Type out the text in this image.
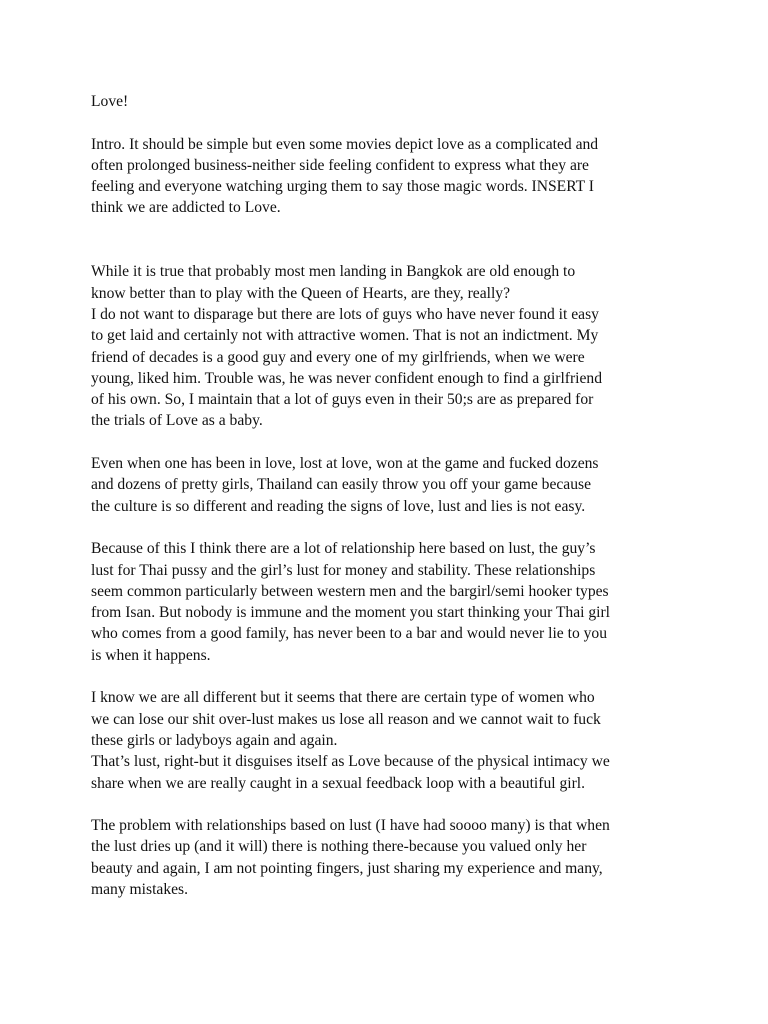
Love!
Intro. It should be simple but even some movies depict love as a complicated and
often prolonged business-neither side feeling confident to express what they are
feeling and everyone watching urging them to say those magic words. INSERT I
think we are addicted to Love.
While it is true that probably most men landing in Bangkok are old enough to
know better than to play with the Queen of Hearts, are they, really?
I do not want to disparage but there are lots of guys who have never found it easy
to get laid and certainly not with attractive women. That is not an indictment. My
friend of decades is a good guy and every one of my girlfriends, when we were
young, liked him. Trouble was, he was never confident enough to find a girlfriend
of his own. So, I maintain that a lot of guys even in their 50;s are as prepared for
the trials of Love as a baby.
Even when one has been in love, lost at love, won at the game and fucked dozens
and dozens of pretty girls, Thailand can easily throw you off your game because
the culture is so different and reading the signs of love, lust and lies is not easy.
Because of this I think there are a lot of relationship here based on lust, the guy’s
lust for Thai pussy and the girl’s lust for money and stability. These relationships
seem common particularly between western men and the bargirl/semi hooker types
from Isan. But nobody is immune and the moment you start thinking your Thai girl
who comes from a good family, has never been to a bar and would never lie to you
is when it happens.
I know we are all different but it seems that there are certain type of women who
we can lose our shit over-lust makes us lose all reason and we cannot wait to fuck
these girls or ladyboys again and again.
That’s lust, right-but it disguises itself as Love because of the physical intimacy we
share when we are really caught in a sexual feedback loop with a beautiful girl.
The problem with relationships based on lust (I have had soooo many) is that when
the lust dries up (and it will) there is nothing there-because you valued only her
beauty and again, I am not pointing fingers, just sharing my experience and many,
many mistakes.
